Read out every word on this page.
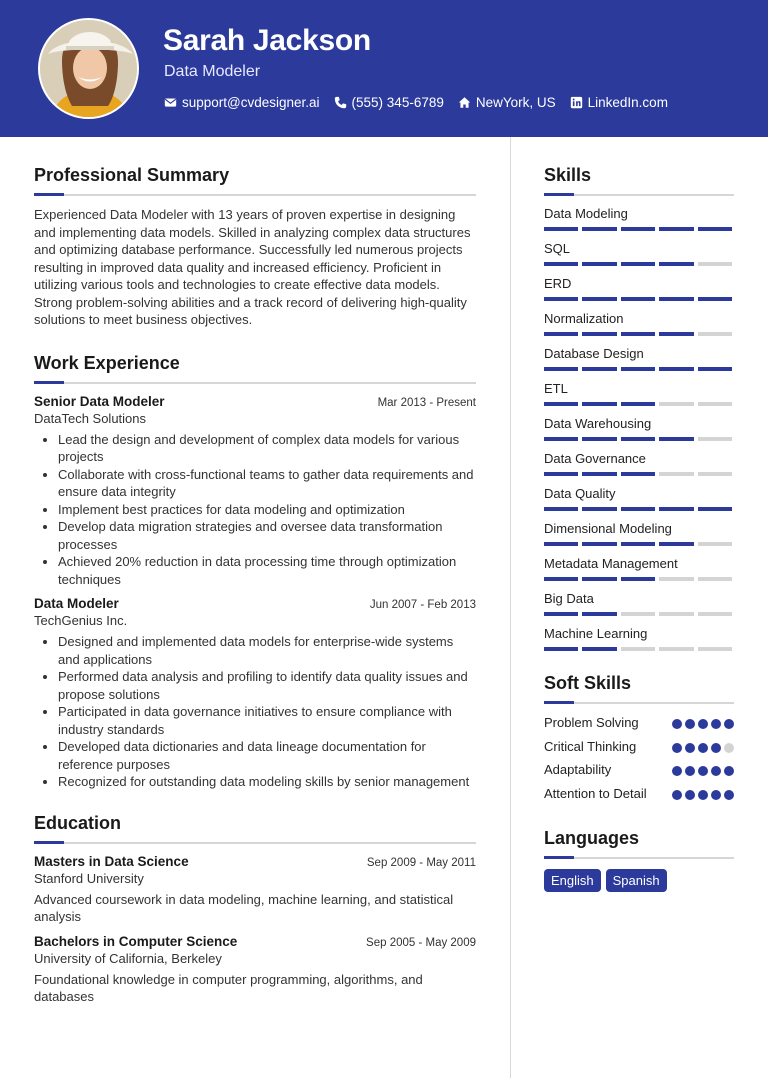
Sarah Jackson
Data Modeler
support@cvdesigner.ai (555) 345-6789 NewYork, US LinkedIn.com
Professional Summary
Experienced Data Modeler with 13 years of proven expertise in designing and implementing data models. Skilled in analyzing complex data structures and optimizing database performance. Successfully led numerous projects resulting in improved data quality and increased efficiency. Proficient in utilizing various tools and technologies to create effective data models. Strong problem-solving abilities and a track record of delivering high-quality solutions to meet business objectives.
Work Experience
Senior Data Modeler	Mar 2013 - Present
DataTech Solutions
• Lead the design and development of complex data models for various projects
• Collaborate with cross-functional teams to gather data requirements and ensure data integrity
• Implement best practices for data modeling and optimization
• Develop data migration strategies and oversee data transformation processes
• Achieved 20% reduction in data processing time through optimization techniques
Data Modeler	Jun 2007 - Feb 2013
TechGenius Inc.
• Designed and implemented data models for enterprise-wide systems and applications
• Performed data analysis and profiling to identify data quality issues and propose solutions
• Participated in data governance initiatives to ensure compliance with industry standards
• Developed data dictionaries and data lineage documentation for reference purposes
• Recognized for outstanding data modeling skills by senior management
Education
Masters in Data Science	Sep 2009 - May 2011
Stanford University
Advanced coursework in data modeling, machine learning, and statistical analysis
Bachelors in Computer Science	Sep 2005 - May 2009
University of California, Berkeley
Foundational knowledge in computer programming, algorithms, and databases
Skills
Data Modeling
SQL
ERD
Normalization
Database Design
ETL
Data Warehousing
Data Governance
Data Quality
Dimensional Modeling
Metadata Management
Big Data
Machine Learning
Soft Skills
Problem Solving
Critical Thinking
Adaptability
Attention to Detail
Languages
English	Spanish
